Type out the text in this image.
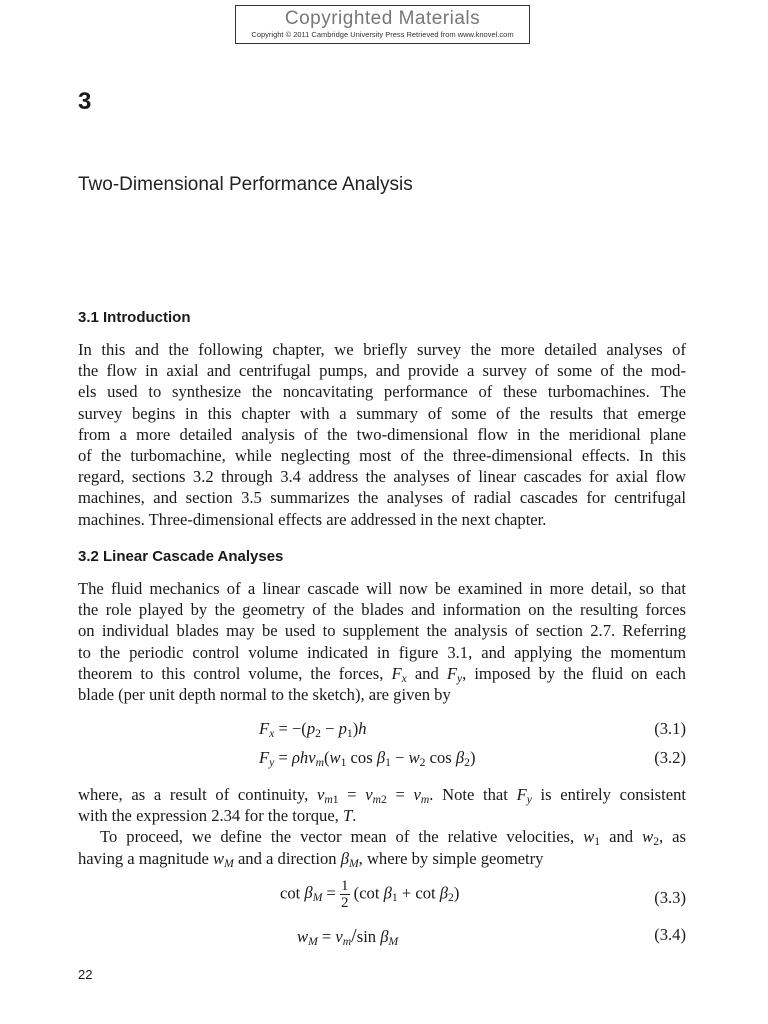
Copyrighted Materials
Copyright © 2011 Cambridge University Press Retrieved from www.knovel.com
3
Two-Dimensional Performance Analysis
3.1 Introduction

In this and the following chapter, we briefly survey the more detailed analyses of
the flow in axial and centrifugal pumps, and provide a survey of some of the mod-
els used to synthesize the noncavitating performance of these turbomachines. The
survey begins in this chapter with a summary of some of the results that emerge
from a more detailed analysis of the two-dimensional flow in the meridional plane
of the turbomachine, while neglecting most of the three-dimensional effects. In this
regard, sections 3.2 through 3.4 address the analyses of linear cascades for axial flow
machines, and section 3.5 summarizes the analyses of radial cascades for centrifugal
machines. Three-dimensional effects are addressed in the next chapter.

3.2 Linear Cascade Analyses

The fluid mechanics of a linear cascade will now be examined in more detail, so that
the role played by the geometry of the blades and information on the resulting forces
on individual blades may be used to supplement the analysis of section 2.7. Referring
to the periodic control volume indicated in figure 3.1, and applying the momentum
theorem to this control volume, the forces, $F_x$ and $F_y$, imposed by the fluid on each
blade (per unit depth normal to the sketch), are given by

$F_x = -(p_2 - p_1)h$	(3.1)
$F_y = \rho hv_m(w_1$ $\cos \beta_1 - w_2$ $\cos \beta_2$)	(3.2)

where, as a result of continuity, $v_{m1} = v_{m2} = v_m$. Note that $F_y$ is entirely consistent
with the expression 2.34 for the torque, T.
To proceed, we define the vector mean of the relative velocities, $w_1$ and $w_2$, as
having a magnitude $w_M$ and a direction $\beta_M$, where by simple geometry

$\cot \beta_M = \frac{1}{2} (\cot$ $\beta_1 + \cot \beta_2$)	(3.3)
$w_M = v_m/\sin$ $\beta_M$	(3.4)
22
